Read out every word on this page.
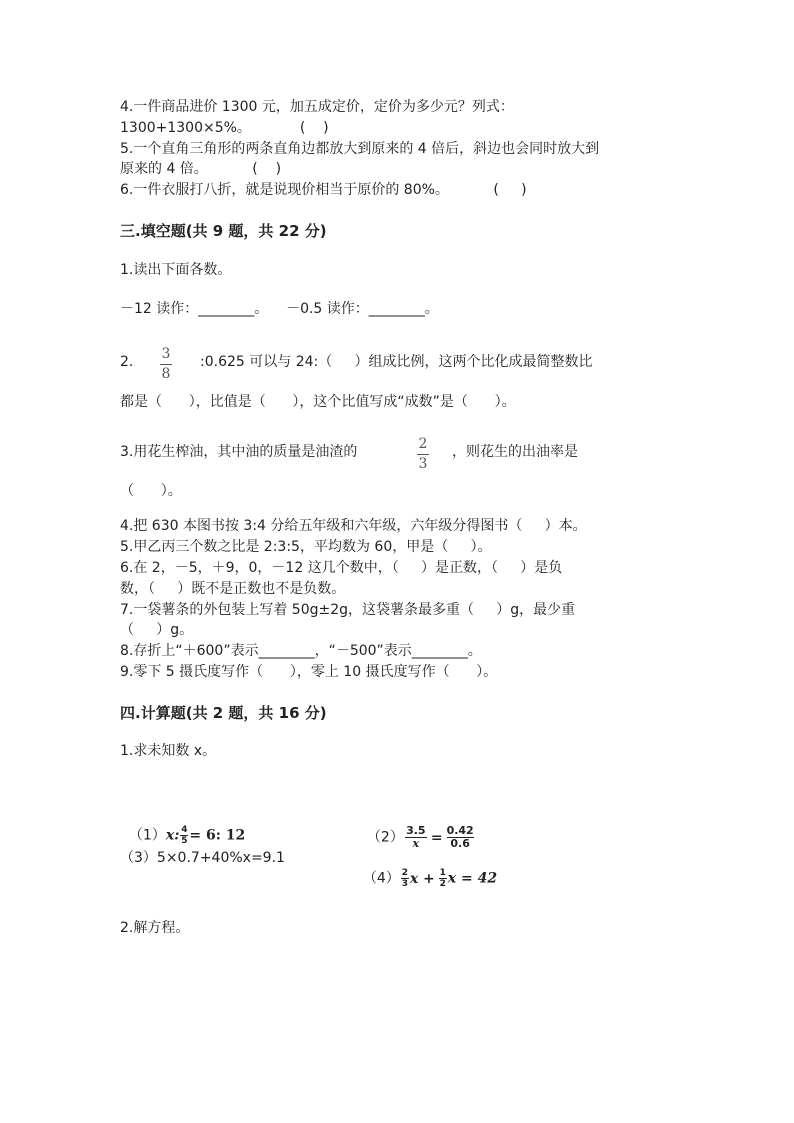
4.一件商品进价 1300 元，加五成定价，定价为多少元？列式：
1300+1300×5%。           (    )
5.一个直角三角形的两条直角边都放大到原来的 4 倍后，斜边也会同时放大到
原来的 4 倍。          (    )
6.一件衣服打八折，就是说现价相当于原价的 80%。          (     )
三.填空题(共 9 题，共 22 分)
1.读出下面各数。
－12 读作：________。    －0.5 读作：________。
2. 3
8
:0.625 可以与 24:（     ）组成比例，这两个比化成最简整数比
都是（      ），比值是（      ），这个比值写成“成数”是（      ）。
3.用花生榨油，其中油的质量是油渣的	2
3
，则花生的出油率是
（      ）。
4.把 630 本图书按 3:4 分给五年级和六年级，六年级分得图书（     ）本。
5.甲乙丙三个数之比是 2:3:5，平均数为 60，甲是（     ）。
6.在 2，－5，＋9，0，－12 这几个数中，（     ）是正数，（     ）是负
数，（     ）既不是正数也不是负数。
7.一袋薯条的外包装上写着 50g±2g，这袋薯条最多重（     ）g，最少重
（     ）g。
8.存折上“＋600”表示________，“－500”表示________。
9.零下 5 摄氏度写作（      ），零上 10 摄氏度写作（      ）。
四.计算题(共 2 题，共 16 分)
1.求未知数 x。

（1）x: $\frac{4}{5} = 6$: 12	$(2) \frac{3.5}{x} = \frac{0.42}{0.6}$

（3）5×0.7+40%x=9.1

$(4) \frac{2}{3}$ $x + \frac{1}{2}$ x = 42

2.解方程。
